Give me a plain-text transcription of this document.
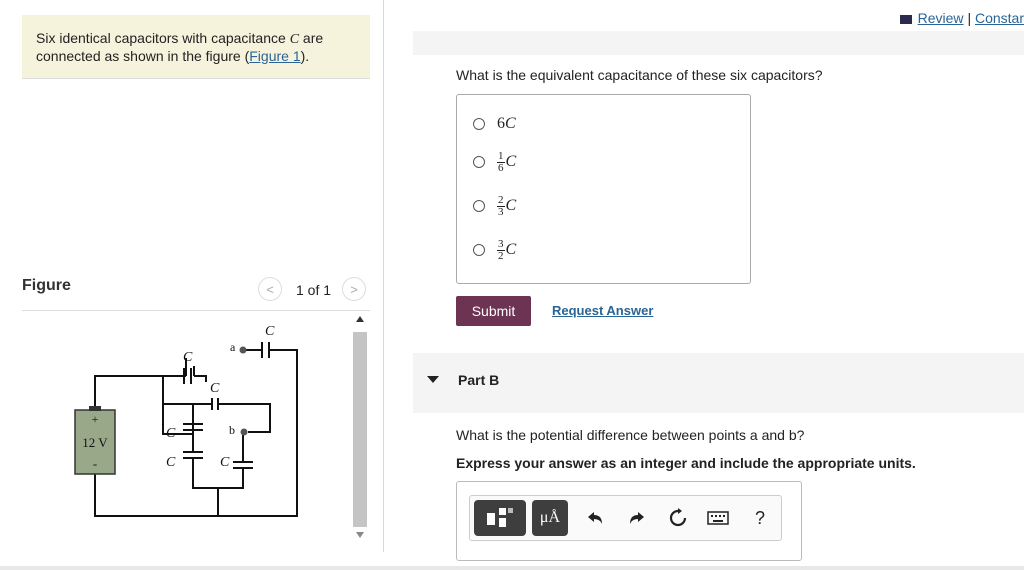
Six identical capacitors with capacitance C are connected as shown in the figure (Figure 1).
Review | Constar
What is the equivalent capacitance of these six capacitors?
6 C
$\frac{1}{6}$ C
$\frac{2}{3}$ C
$\frac{3}{2}$ C
Submit	Request Answer
Part B
What is the potential difference between points a and b?
Express your answer as an integer and include the appropriate units.
μÅ	?
Figure	< 1 of 1 >
+
12 V
-
C
C
C
C
C	C
a
b
